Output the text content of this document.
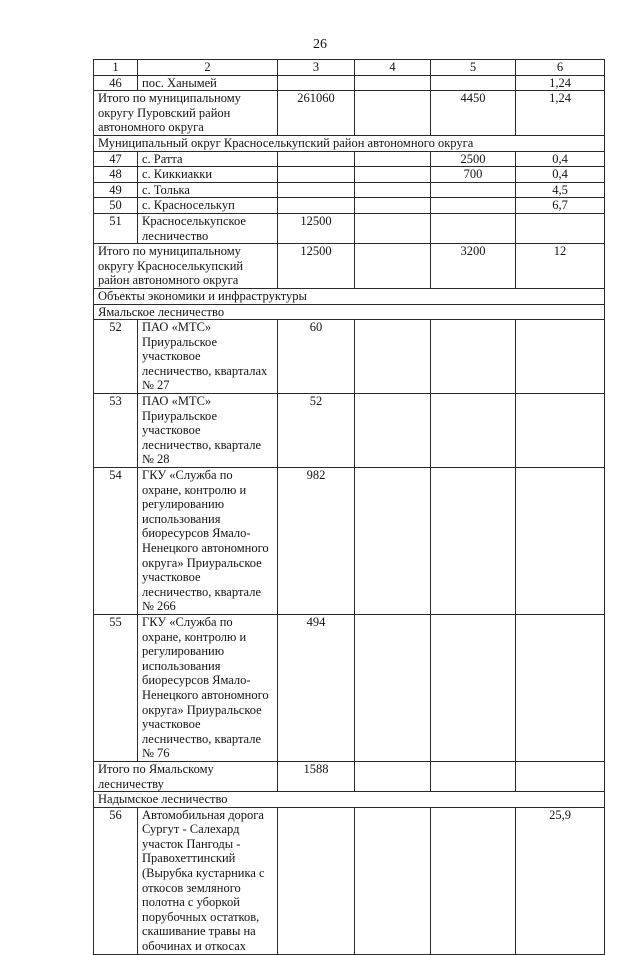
26
1	2	3	4	5	6
46	пос. Ханымей				1,24
Итого по муниципальному округу Пуровский район автономного округа		261060		4450	1,24
Муниципальный округ Красноселькупский район автономного округа					
47	с. Ратта			2500	0,4
48	с. Киккиакки			700	0,4
49	с. Толька				4,5
50	с. Красноселькуп				6,7
51	Красноселькупское лесничество	12500			
Итого по муниципальному округу Красноселькупский район автономного округа		12500		3200	12
Объекты экономики и инфраструктуры					
Ямальское лесничество					
52	ПАО «МТС» Приуральское участковое лесничество, кварталах № 27	60			
53	ПАО «МТС» Приуральское участковое лесничество, квартале № 28	52			
54	ГКУ «Служба по охране, контролю и регулированию использования биоресурсов Ямало-Ненецкого автономного округа» Приуральское участковое лесничество, квартале № 266	982			
55	ГКУ «Служба по охране, контролю и регулированию использования биоресурсов Ямало-Ненецкого автономного округа» Приуральское участковое лесничество, квартале № 76	494			
Итого по Ямальскому лесничеству		1588			
Надымское лесничество					
56	Автомобильная дорога Сургут - Салехард участок Пангоды - Правохеттинский (Вырубка кустарника с откосов земляного полотна с уборкой порубочных остатков, скашивание травы на обочинах и откосах				25,9
